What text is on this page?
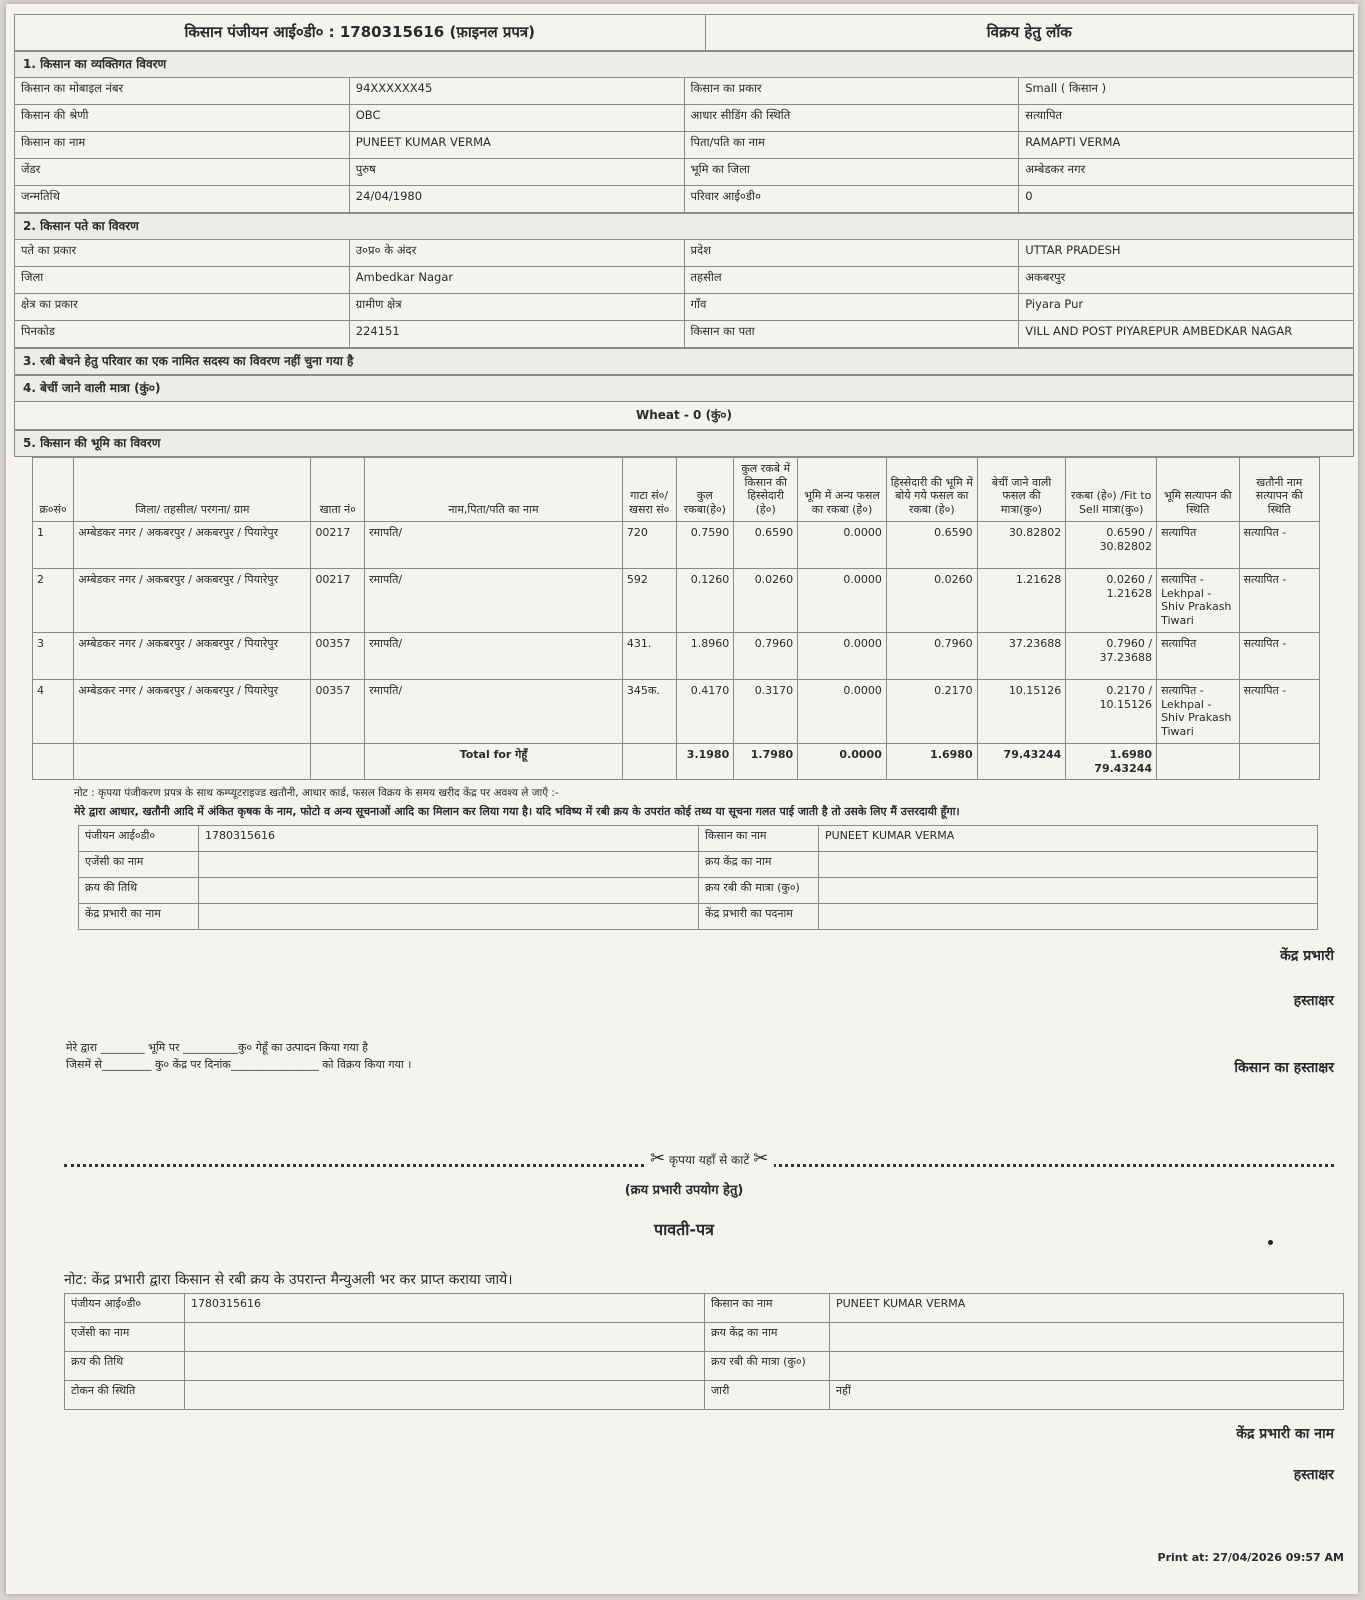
किसान पंजीयन आई०डी० : 1780315616 (फ़ाइनल प्रपत्र)	विक्रय हेतु लॉक
1. किसान का व्यक्तिगत विवरण			
किसान का मोबाइल नंबर	94XXXXXX45	किसान का प्रकार	Small ( किसान )
किसान की श्रेणी	OBC	आधार सीडिंग की स्थिति	सत्यापित
किसान का नाम	PUNEET KUMAR VERMA	पिता/पति का नाम	RAMAPTI VERMA
जेंडर	पुरुष	भूमि का जिला	अम्बेडकर नगर
जन्मतिथि	24/04/1980	परिवार आई०डी०	0
2. किसान पते का विवरण			
पते का प्रकार	उ०प्र० के अंदर	प्रदेश	UTTAR PRADESH
जिला	Ambedkar Nagar	तहसील	अकबरपुर
क्षेत्र का प्रकार	ग्रामीण क्षेत्र	गाँव	Piyara Pur
पिनकोड	224151	किसान का पता	VILL AND POST PIYAREPUR AMBEDKAR NAGAR
3. रबी बेचने हेतु परिवार का एक नामित सदस्य का विवरण नहीं चुना गया है
4. बेचीं जाने वाली मात्रा (कुं०)
Wheat - 0 (कुं०)
5. किसान की भूमि का विवरण
क्र०सं०	जिला/ तहसील/ परगना/ ग्राम	खाता नं०	नाम,पिता/पति का नाम	गाटा सं०/ खसरा सं०	कुल रकबा(हे०)	कुल रकबे में किसान की हिस्सेदारी (हे०)	भूमि में अन्य फसल का रकबा (हे०)	हिस्सेदारी की भूमि में बोये गये फसल का रकबा (हे०)	बेचीं जाने वाली फसल की मात्रा(कु०)	रकबा (हे०) /Fit to Sell मात्रा(कु०)	भूमि सत्यापन की स्थिति	खतौनी नाम सत्यापन की स्थिति
1	अम्बेडकर नगर / अकबरपुर / अकबरपुर / पियारेपुर	00217	रमापति/	720	0.7590	0.6590	0.0000	0.6590	30.82802	0.6590 / 30.82802	सत्यापित	सत्यापित -
2	अम्बेडकर नगर / अकबरपुर / अकबरपुर / पियारेपुर	00217	रमापति/	592	0.1260	0.0260	0.0000	0.0260	1.21628	0.0260 / 1.21628	सत्यापित - Lekhpal - Shiv Prakash Tiwari	सत्यापित -
3	अम्बेडकर नगर / अकबरपुर / अकबरपुर / पियारेपुर	00357	रमापति/	431.	1.8960	0.7960	0.0000	0.7960	37.23688	0.7960 / 37.23688	सत्यापित	सत्यापित -
4	अम्बेडकर नगर / अकबरपुर / अकबरपुर / पियारेपुर	00357	रमापति/	345क.	0.4170	0.3170	0.0000	0.2170	10.15126	0.2170 / 10.15126	सत्यापित - Lekhpal - Shiv Prakash Tiwari	सत्यापित -
			Total for गेहूँ		3.1980	1.7980	0.0000	1.6980	79.43244	1.6980 79.43244		
नोट : कृपया पंजीकरण प्रपत्र के साथ कम्प्यूटराइज्ड खतौनी, आधार कार्ड, फसल विक्रय के समय खरीद केंद्र पर अवश्य ले जाएँ :-
मेरे द्वारा आधार, खतौनी आदि में अंकित कृषक के नाम, फोटो व अन्य सूचनाओं आदि का मिलान कर लिया गया है। यदि भविष्य में रबी क्रय के उपरांत कोई तथ्य या सूचना गलत पाई जाती है तो उसके लिए मैं उत्तरदायी हूँगा।
पंजीयन आई०डी०	1780315616	किसान का नाम	PUNEET KUMAR VERMA
एजेंसी का नाम		क्रय केंद्र का नाम	
क्रय की तिथि		क्रय रबी की मात्रा (कु०)	
केंद्र प्रभारी का नाम		केंद्र प्रभारी का पदनाम	
केंद्र प्रभारी
हस्ताक्षर
मेरे द्वारा ________ भूमि पर __________कु० गेहूँ का उत्पादन किया गया है
जिसमें से_________ कु० केंद्र पर दिनांक________________ को विक्रय किया गया ।	किसान का हस्ताक्षर
✂ कृपया यहाँ से काटें ✂
(क्रय प्रभारी उपयोग हेतु)
पावती-पत्र
नोट: केंद्र प्रभारी द्वारा किसान से रबी क्रय के उपरान्त मैन्युअली भर कर प्राप्त कराया जाये।
पंजीयन आई०डी०	1780315616	किसान का नाम	PUNEET KUMAR VERMA
एजेंसी का नाम		क्रय केंद्र का नाम	
क्रय की तिथि		क्रय रबी की मात्रा (कु०)	
टोकन की स्थिति		जारी	नहीं
केंद्र प्रभारी का नाम
हस्ताक्षर
Print at: 27/04/2026 09:57 AM
